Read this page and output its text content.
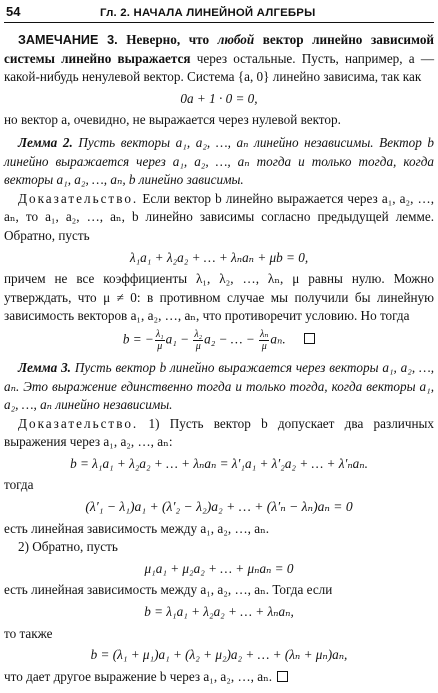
54	Гл. 2. НАЧАЛА ЛИНЕЙНОЙ АЛГЕБРЫ

ЗАМЕЧАНИЕ 3. Неверно, что любой вектор линейно зависимой системы линейно выражается через остальные. Пусть, например, a — какой-нибудь ненулевой вектор. Система {a, 0} линейно зависима, так как

0a + 1 · 0 = 0,

но вектор a, очевидно, не выражается через нулевой вектор.

Лемма 2. Пусть векторы a₁, a₂, …, aₙ линейно независимы. Вектор b линейно выражается через a₁, a₂, …, aₙ тогда и только тогда, когда векторы a₁, a₂, …, aₙ, b линейно зависимы.

Доказательство. Если вектор b линейно выражается через a₁, a₂, …, aₙ, то a₁, a₂, …, aₙ, b линейно зависимы согласно предыдущей лемме. Обратно, пусть

λ₁a₁ + λ₂a₂ + … + λₙaₙ + μb = 0,

причем не все коэффициенты λ₁, λ₂, …, λₙ, μ равны нулю. Можно утверждать, что μ ≠ 0: в противном случае мы получили бы линейную зависимость векторов a₁, a₂, …, aₙ, что противоречит условию. Но тогда

b = − $\frac{\text{λ₁}}{\mu} a_1 - \frac{\text{λ₂}}{\mu} a_2$ − … − $\frac{\text{λₙ}}{\mu} a_n$.

Лемма 3. Пусть вектор b линейно выражается через векторы a₁, a₂, …, aₙ. Это выражение единственно тогда и только тогда, когда векторы a₁, a₂, …, aₙ линейно независимы.

Доказательство. 1) Пусть вектор b допускает два различных выражения через a₁, a₂, …, aₙ:

b = λ₁a₁ + λ₂a₂ + … + λₙaₙ = λ′₁a₁ + λ′₂a₂ + … + λ′ₙaₙ.

тогда

(λ′₁ − λ₁)a₁ + (λ′₂ − λ₂)a₂ + … + (λ′ₙ − λₙ)aₙ = 0

есть линейная зависимость между a₁, a₂, …, aₙ.

2) Обратно, пусть

μ₁a₁ + μ₂a₂ + … + μₙaₙ = 0

есть линейная зависимость между a₁, a₂, …, aₙ. Тогда если

b = λ₁a₁ + λ₂a₂ + … + λₙaₙ,

то также

b = (λ₁ + μ₁)a₁ + (λ₂ + μ₂)a₂ + … + (λₙ + μₙ)aₙ,

что дает другое выражение b через a₁, a₂, …, aₙ.
